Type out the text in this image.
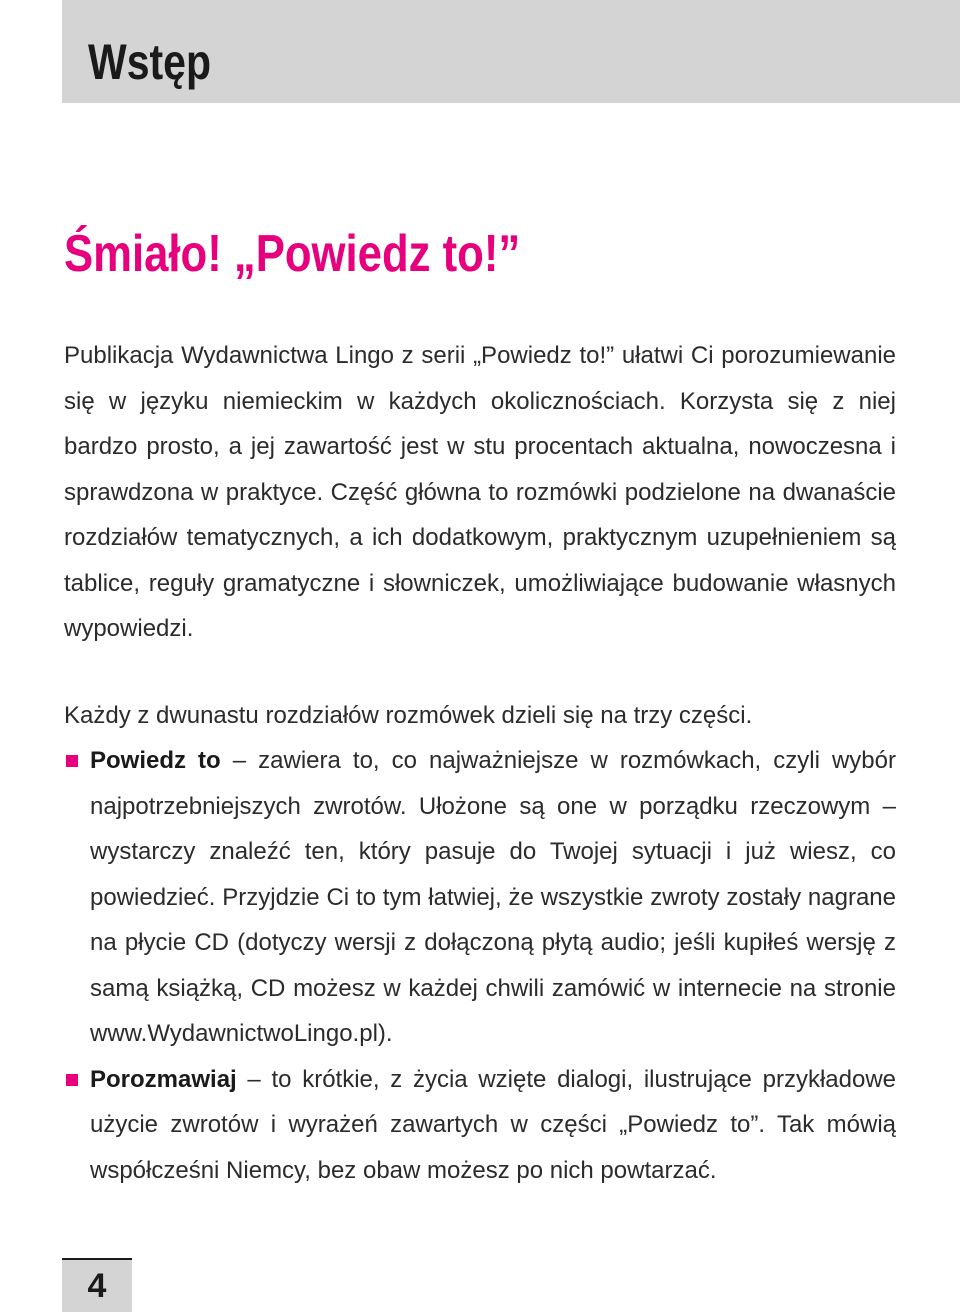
Wstęp
Śmiało! „Powiedz to!”

Publikacja Wydawnictwa Lingo z serii „Powiedz to!” ułatwi Ci porozumiewanie się w języku niemieckim w każdych okolicznościach. Korzysta się z niej bardzo prosto, a jej zawartość jest w stu procentach aktualna, nowoczesna i sprawdzona w praktyce. Część główna to rozmówki podzielone na dwanaście rozdziałów tematycznych, a ich dodatkowym, praktycznym uzupełnieniem są tablice, reguły gramatyczne i słowniczek, umożliwiające budowanie własnych wypowiedzi.

Każdy z dwunastu rozdziałów rozmówek dzieli się na trzy części.

Powiedz to – zawiera to, co najważniejsze w rozmówkach, czyli wybór najpotrzebniejszych zwrotów. Ułożone są one w porządku rzeczowym – wystarczy znaleźć ten, który pasuje do Twojej sytuacji i już wiesz, co powiedzieć. Przyjdzie Ci to tym łatwiej, że wszystkie zwroty zostały nagrane na płycie CD (dotyczy wersji z dołączoną płytą audio; jeśli kupiłeś wersję z samą książką, CD możesz w każdej chwili zamówić w internecie na stronie www.WydawnictwoLingo.pl).
Porozmawiaj – to krótkie, z życia wzięte dialogi, ilustrujące przykładowe użycie zwrotów i wyrażeń zawartych w części „Powiedz to”. Tak mówią współcześni Niemcy, bez obaw możesz po nich powtarzać.
4
